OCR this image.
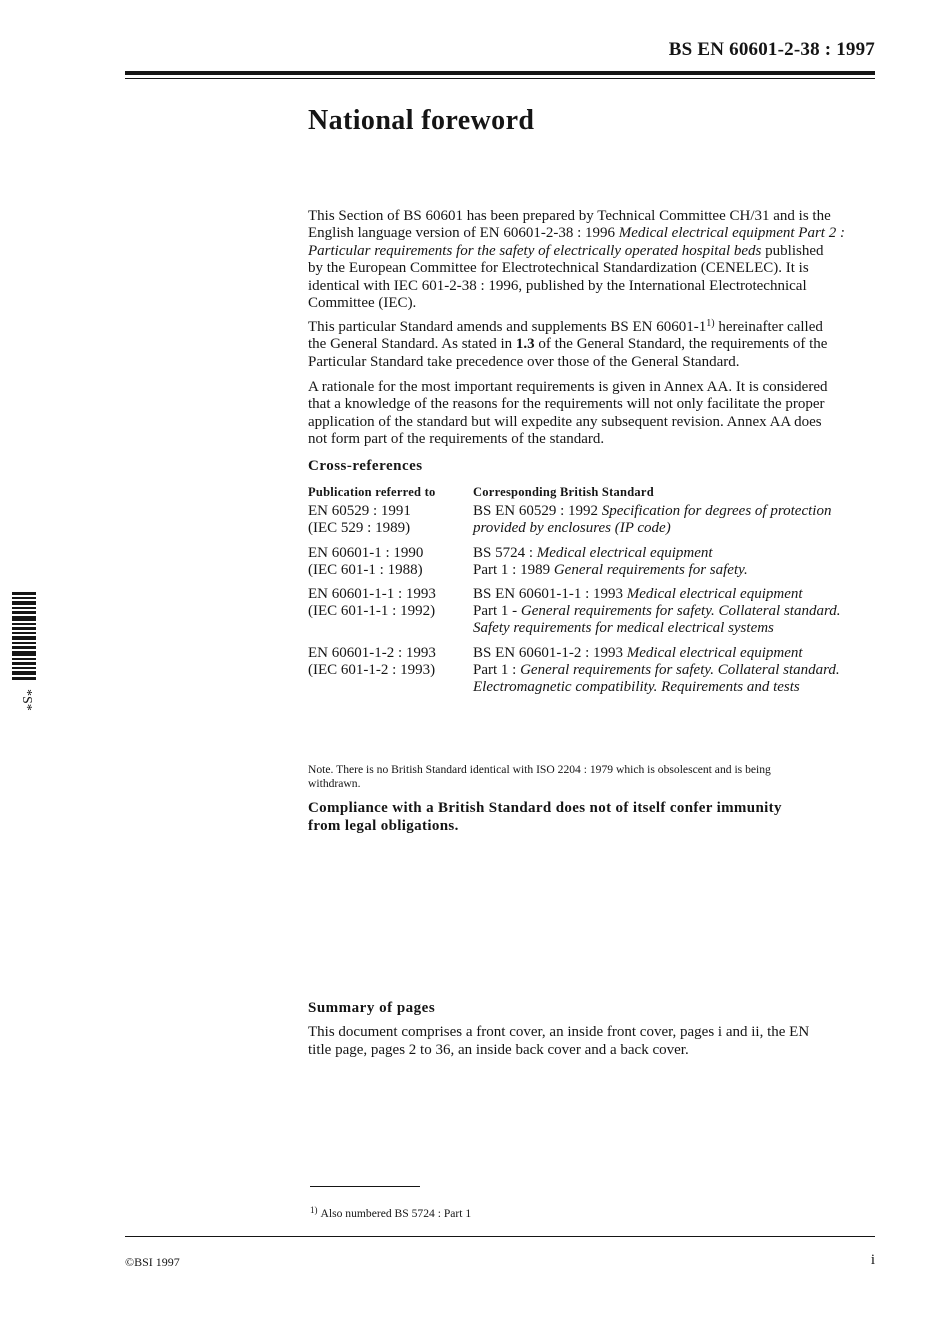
BS EN 60601-2-38 : 1997
National foreword
This Section of BS 60601 has been prepared by Technical Committee CH/31 and is the
English language version of EN 60601-2-38 : 1996 Medical electrical equipment Part 2 :
Particular requirements for the safety of electrically operated hospital beds published
by the European Committee for Electrotechnical Standardization (CENELEC). It is
identical with IEC 601-2-38 : 1996, published by the International Electrotechnical
Committee (IEC).
This particular Standard amends and supplements BS EN 60601-1$^{1)}$ hereinafter called
the General Standard. As stated in 1.3 of the General Standard, the requirements of the
Particular Standard take precedence over those of the General Standard.
A rationale for the most important requirements is given in Annex AA. It is considered
that a knowledge of the reasons for the requirements will not only facilitate the proper
application of the standard but will expedite any subsequent revision. Annex AA does
not form part of the requirements of the standard.
Cross-references
Publication referred to	Corresponding British Standard
EN 60529 : 1991
(IEC 529 : 1989)
BS EN 60529 : 1992 Specification for degrees of protection
provided by enclosures (IP code)
EN 60601-1 : 1990
(IEC 601-1 : 1988)
BS 5724 : Medical electrical equipment
Part 1 : 1989 General requirements for safety.
EN 60601-1-1 : 1993
(IEC 601-1-1 : 1992)
BS EN 60601-1-1 : 1993 Medical electrical equipment
Part 1 - General requirements for safety. Collateral standard.
Safety requirements for medical electrical systems
EN 60601-1-2 : 1993
(IEC 601-1-2 : 1993)
BS EN 60601-1-2 : 1993 Medical electrical equipment
Part 1 : General requirements for safety. Collateral standard.
Electromagnetic compatibility. Requirements and tests
Note. There is no British Standard identical with ISO 2204 : 1979 which is obsolescent and is being
withdrawn.
Compliance with a British Standard does not of itself confer immunity
from legal obligations.
Summary of pages
This document comprises a front cover, an inside front cover, pages i and ii, the EN
title page, pages 2 to 36, an inside back cover and a back cover.
$^{1)}$ Also numbered BS 5724 : Part 1
©BSI 1997	i
*S*
